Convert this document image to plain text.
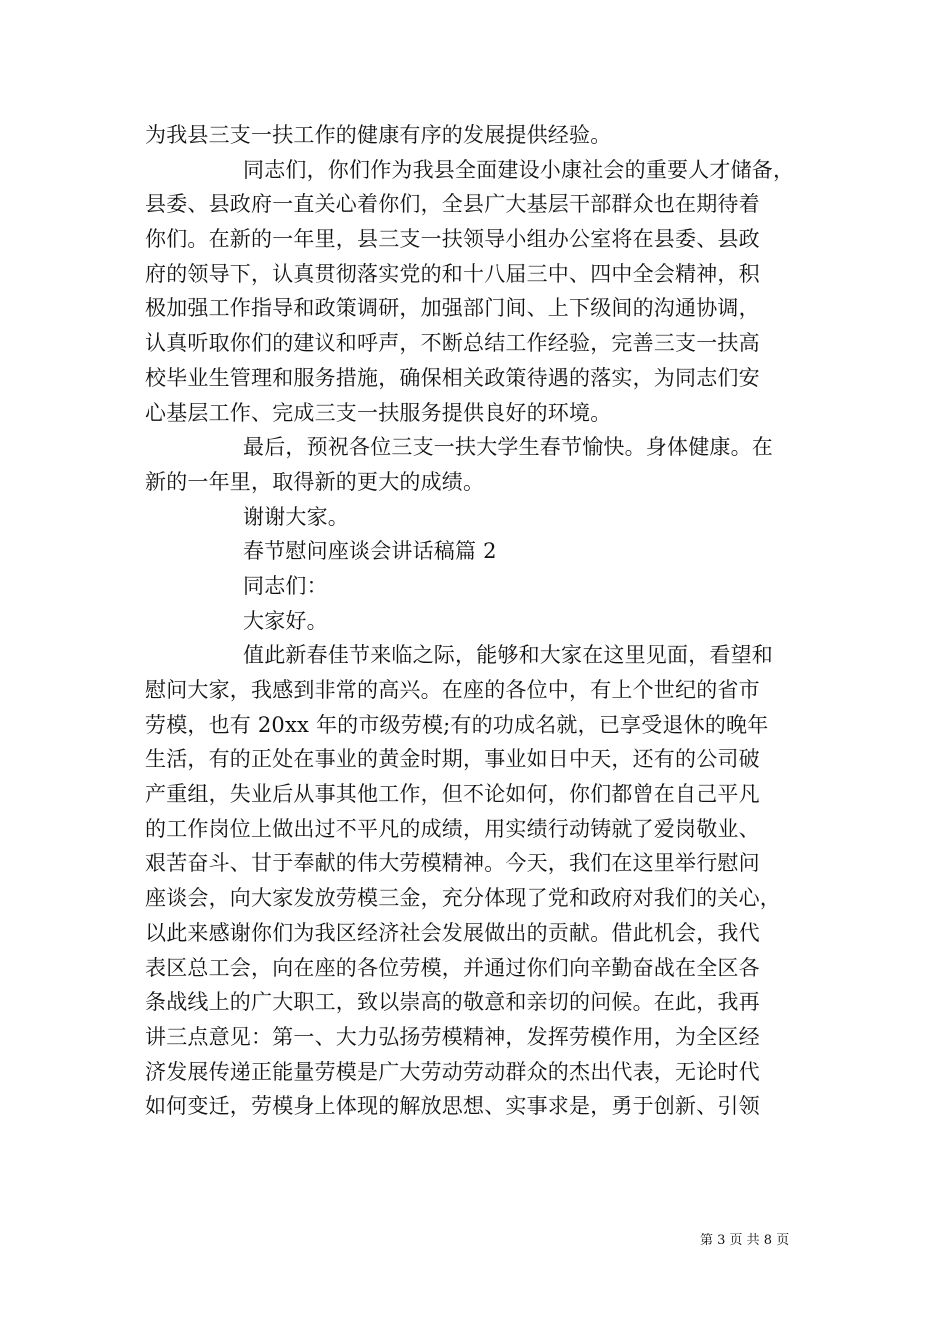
为我县三支一扶工作的健康有序的发展提供经验。
同志们，你们作为我县全面建设小康社会的重要人才储备，
县委、县政府一直关心着你们，全县广大基层干部群众也在期待着
你们。在新的一年里，县三支一扶领导小组办公室将在县委、县政
府的领导下，认真贯彻落实党的和十八届三中、四中全会精神，积
极加强工作指导和政策调研，加强部门间、上下级间的沟通协调，
认真听取你们的建议和呼声，不断总结工作经验，完善三支一扶高
校毕业生管理和服务措施，确保相关政策待遇的落实，为同志们安
心基层工作、完成三支一扶服务提供良好的环境。
最后，预祝各位三支一扶大学生春节愉快。身体健康。在
新的一年里，取得新的更大的成绩。
谢谢大家。
春节慰问座谈会讲话稿篇 2
同志们：
大家好。
值此新春佳节来临之际，能够和大家在这里见面，看望和
慰问大家，我感到非常的高兴。在座的各位中，有上个世纪的省市
劳模，也有 20xx 年的市级劳模;有的功成名就，已享受退休的晚年
生活，有的正处在事业的黄金时期，事业如日中天，还有的公司破
产重组，失业后从事其他工作，但不论如何，你们都曾在自己平凡
的工作岗位上做出过不平凡的成绩，用实绩行动铸就了爱岗敬业、
艰苦奋斗、甘于奉献的伟大劳模精神。今天，我们在这里举行慰问
座谈会，向大家发放劳模三金，充分体现了党和政府对我们的关心，
以此来感谢你们为我区经济社会发展做出的贡献。借此机会，我代
表区总工会，向在座的各位劳模，并通过你们向辛勤奋战在全区各
条战线上的广大职工，致以崇高的敬意和亲切的问候。在此，我再
讲三点意见：第一、大力弘扬劳模精神，发挥劳模作用，为全区经
济发展传递正能量劳模是广大劳动劳动群众的杰出代表，无论时代
如何变迁，劳模身上体现的解放思想、实事求是，勇于创新、引领
第 3 页 共 8 页
